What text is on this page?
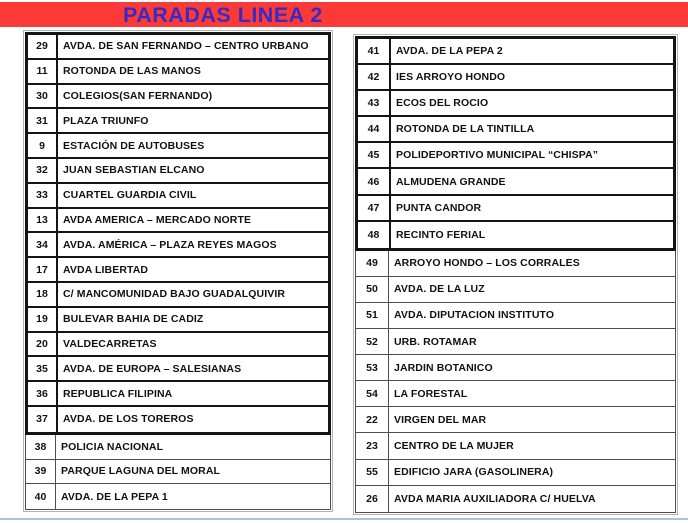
PARADAS LINEA 2
29	AVDA. DE SAN FERNANDO – CENTRO URBANO
11	ROTONDA DE LAS MANOS
30	COLEGIOS(SAN FERNANDO)
31	PLAZA TRIUNFO
9	ESTACIÓN DE AUTOBUSES
32	JUAN SEBASTIAN ELCANO
33	CUARTEL GUARDIA CIVIL
13	AVDA AMERICA – MERCADO NORTE
34	AVDA. AMÉRICA – PLAZA REYES MAGOS
17	AVDA LIBERTAD
18	C/ MANCOMUNIDAD BAJO GUADALQUIVIR
19	BULEVAR BAHIA DE CADIZ
20	VALDECARRETAS
35	AVDA. DE EUROPA – SALESIANAS
36	REPUBLICA FILIPINA
37	AVDA. DE LOS TOREROS
38	POLICIA NACIONAL
39	PARQUE LAGUNA DEL MORAL
40	AVDA. DE LA PEPA 1
41	AVDA. DE LA PEPA 2
42	IES ARROYO HONDO
43	ECOS DEL ROCIO
44	ROTONDA DE LA TINTILLA
45	POLIDEPORTIVO MUNICIPAL “CHISPA”
46	ALMUDENA GRANDE
47	PUNTA CANDOR
48	RECINTO FERIAL
49	ARROYO HONDO – LOS CORRALES
50	AVDA. DE LA LUZ
51	AVDA. DIPUTACION INSTITUTO
52	URB. ROTAMAR
53	JARDIN BOTANICO
54	LA FORESTAL
22	VIRGEN DEL MAR
23	CENTRO DE LA MUJER
55	EDIFICIO JARA (GASOLINERA)
26	AVDA MARIA AUXILIADORA C/ HUELVA
